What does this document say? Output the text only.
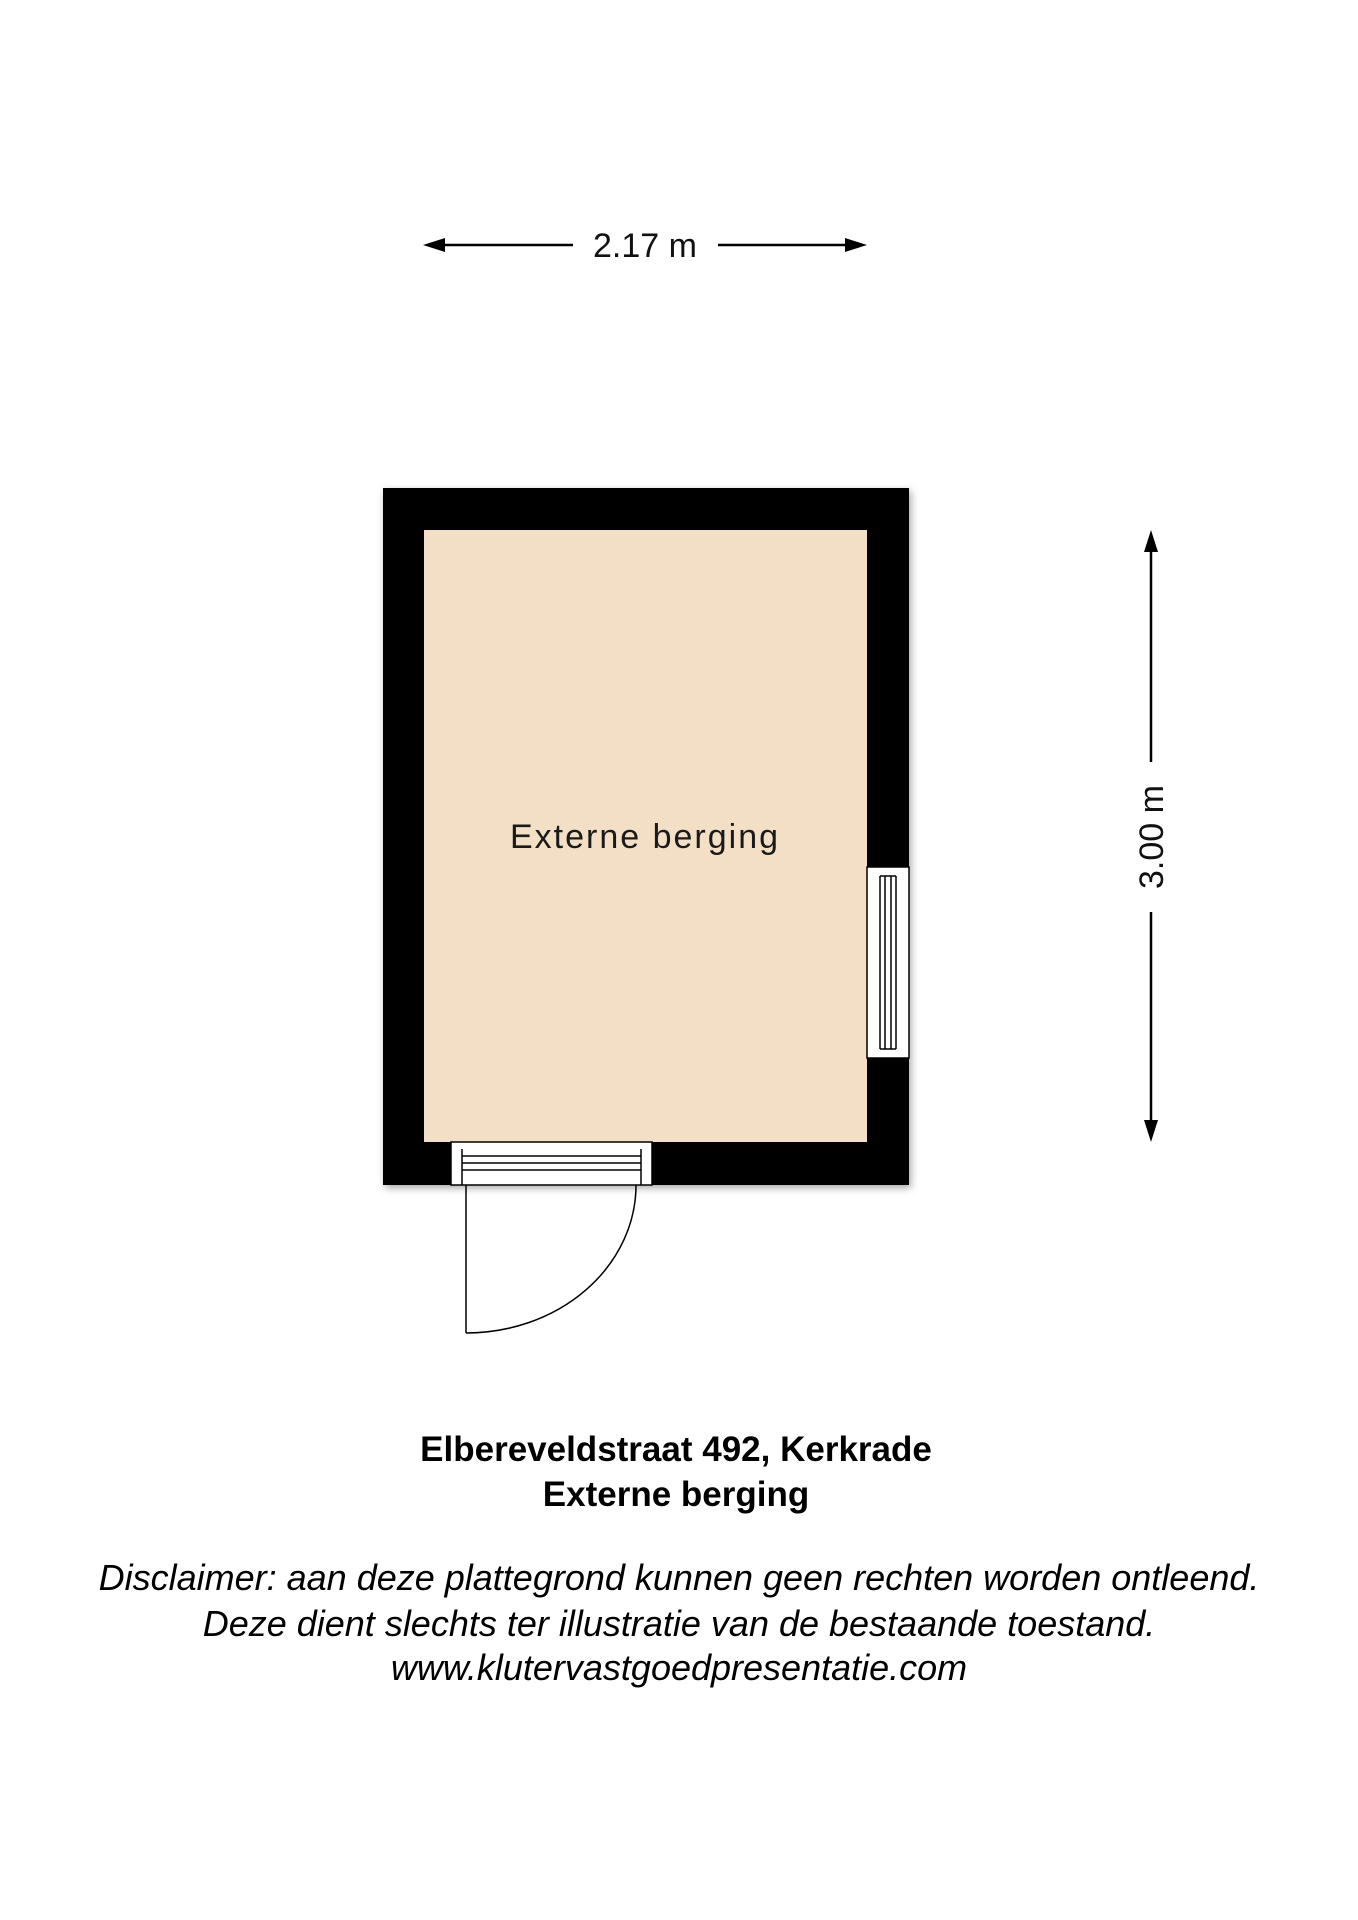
2.17 m
Externe berging	3.00 m
Elbereveldstraat 492, Kerkrade
Externe berging
Disclaimer: aan deze plattegrond kunnen geen rechten worden ontleend.
Deze dient slechts ter illustratie van de bestaande toestand.
www.klutervastgoedpresentatie.com
